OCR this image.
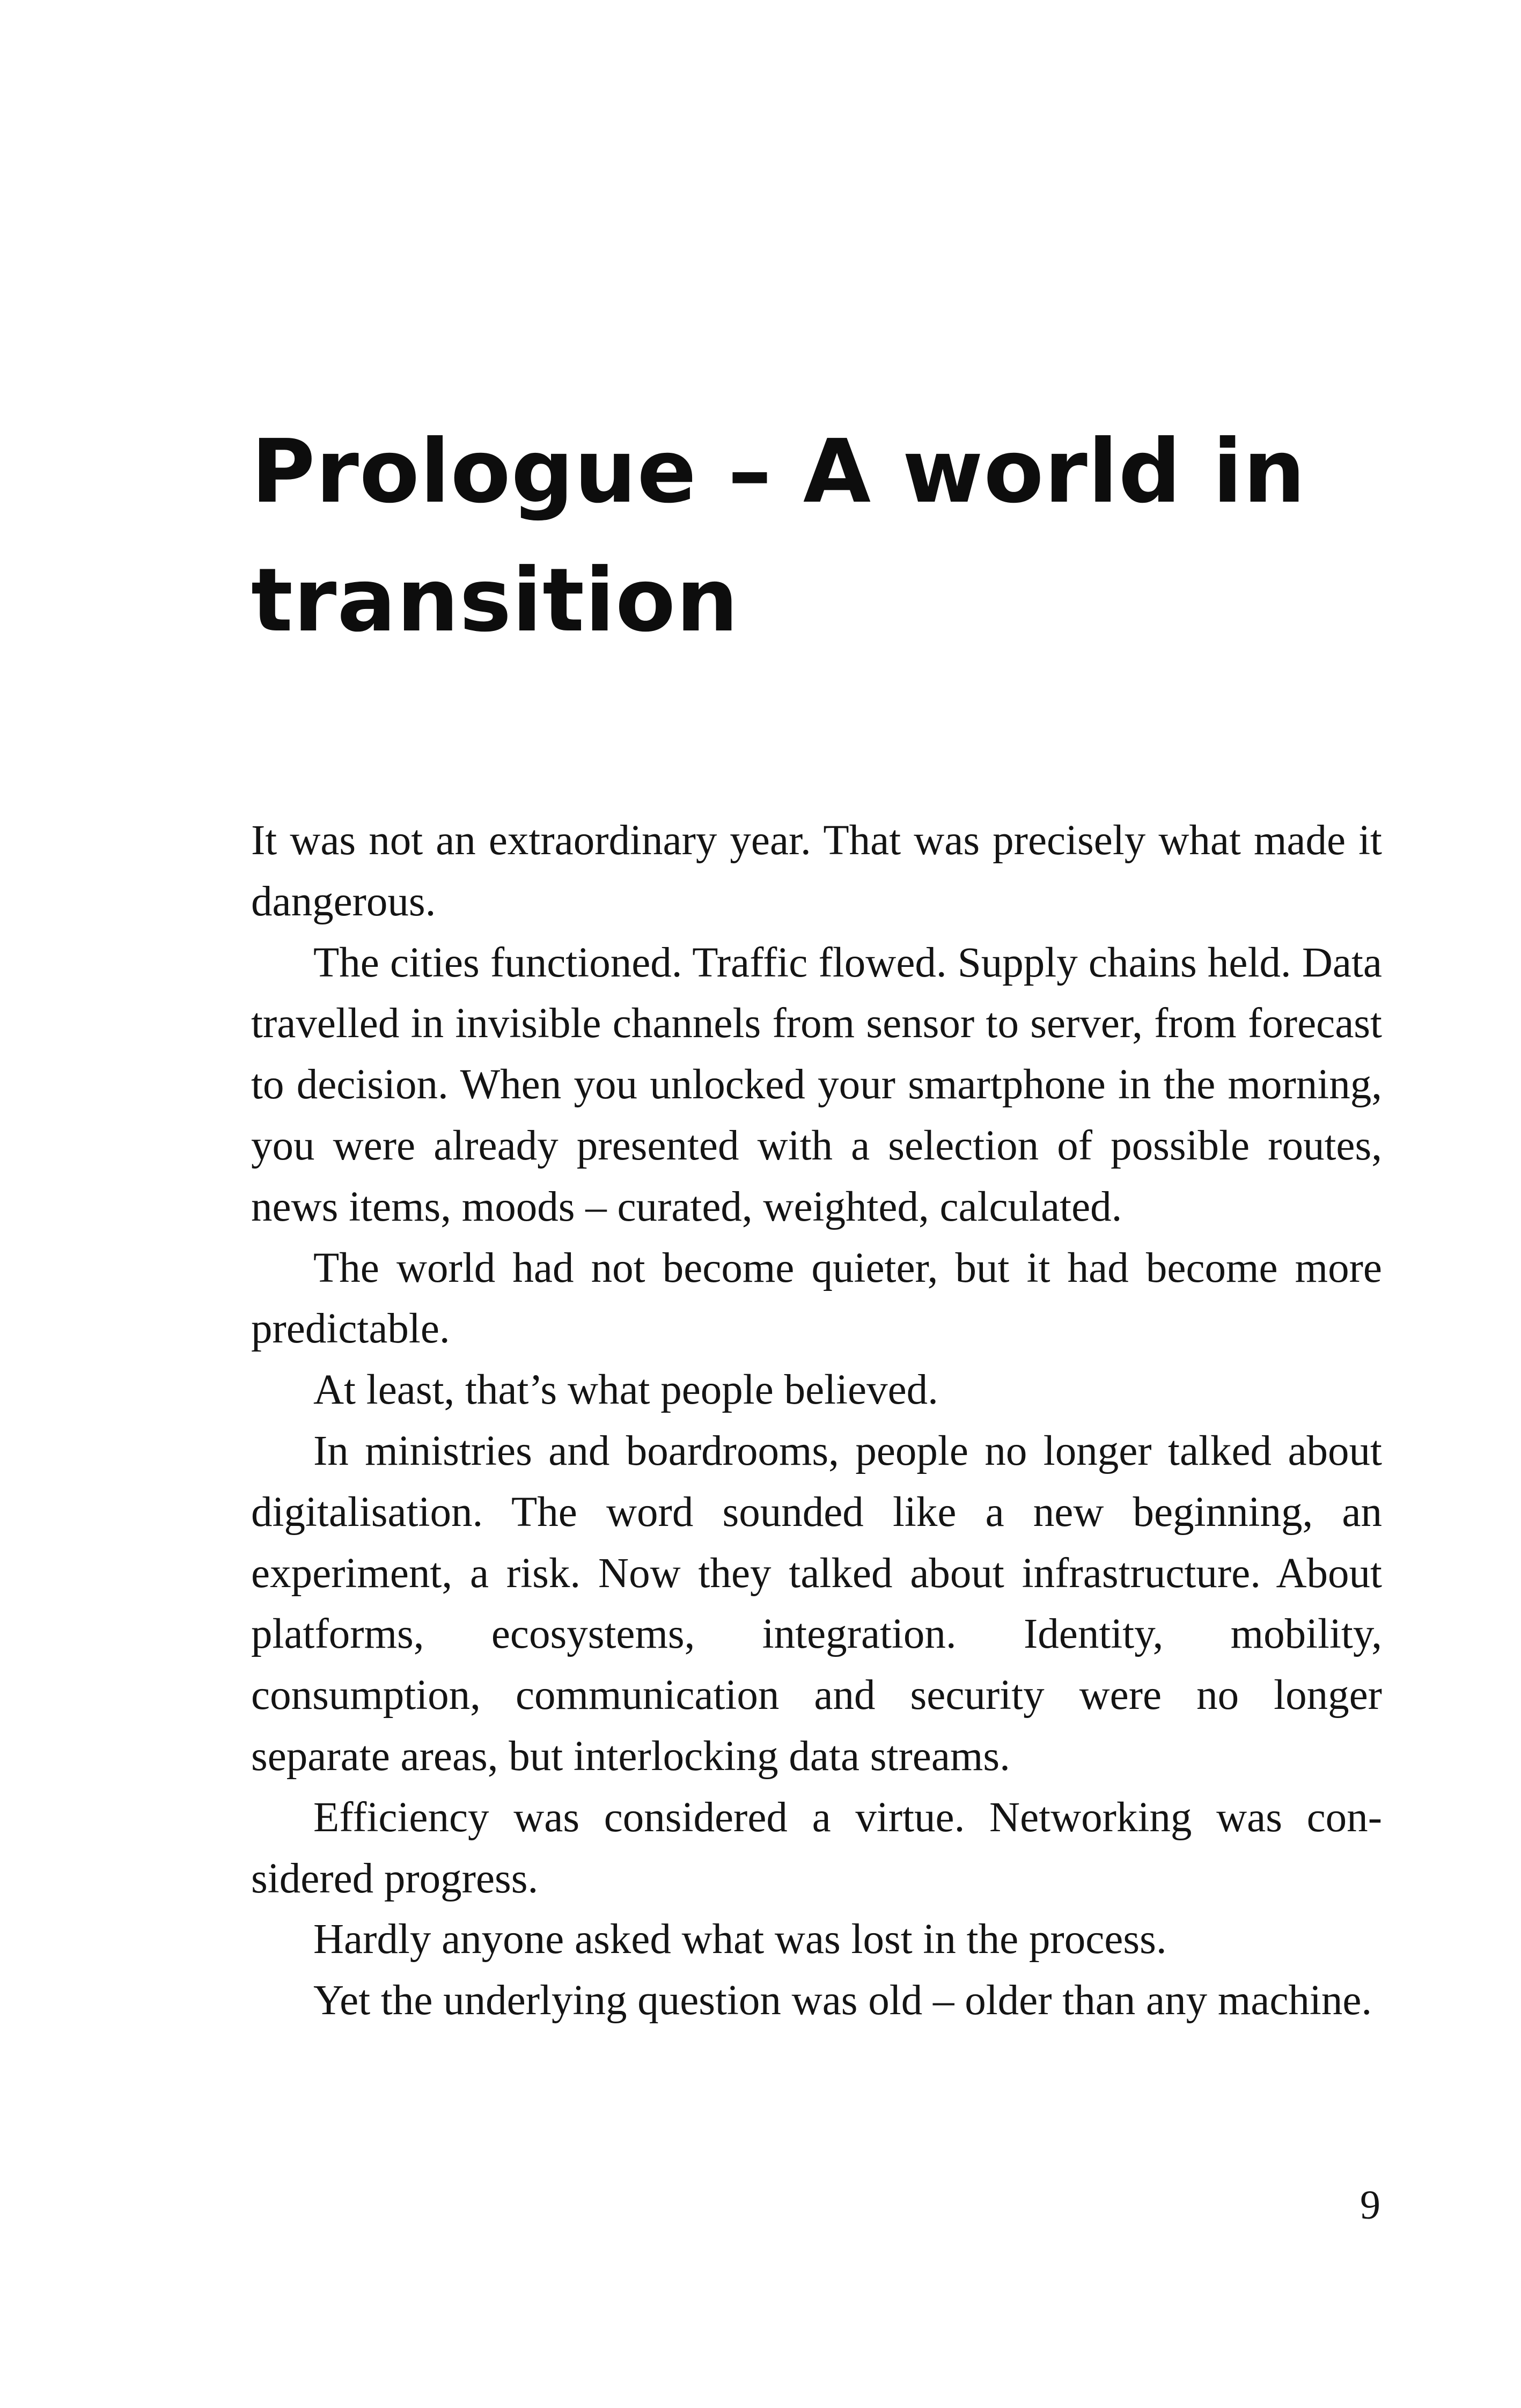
Prologue – A world in transition

It was not an extraordinary year. That was precisely what made it dangerous.

The cities functioned. Traffic flowed. Supply chains held. Data travelled in invisible channels from sensor to server, from forecast to decision. When you unlocked your smartphone in the morning, you were already presented with a selection of possible routes, news items, moods – curated, weighted, calculated.

The world had not become quieter, but it had become more predictable.

At least, that’s what people believed.

In ministries and boardrooms, people no longer talked about digitalisation. The word sounded like a new beginning, an experiment, a risk. Now they talked about infrastructure. About platforms, ecosystems, integration. Identity, mobility, consumption, communication and security were no longer separate areas, but interlocking data streams.

Efficiency was considered a virtue. Networking was considered progress.

Hardly anyone asked what was lost in the process.

Yet the underlying question was old – older than any machine.

9
